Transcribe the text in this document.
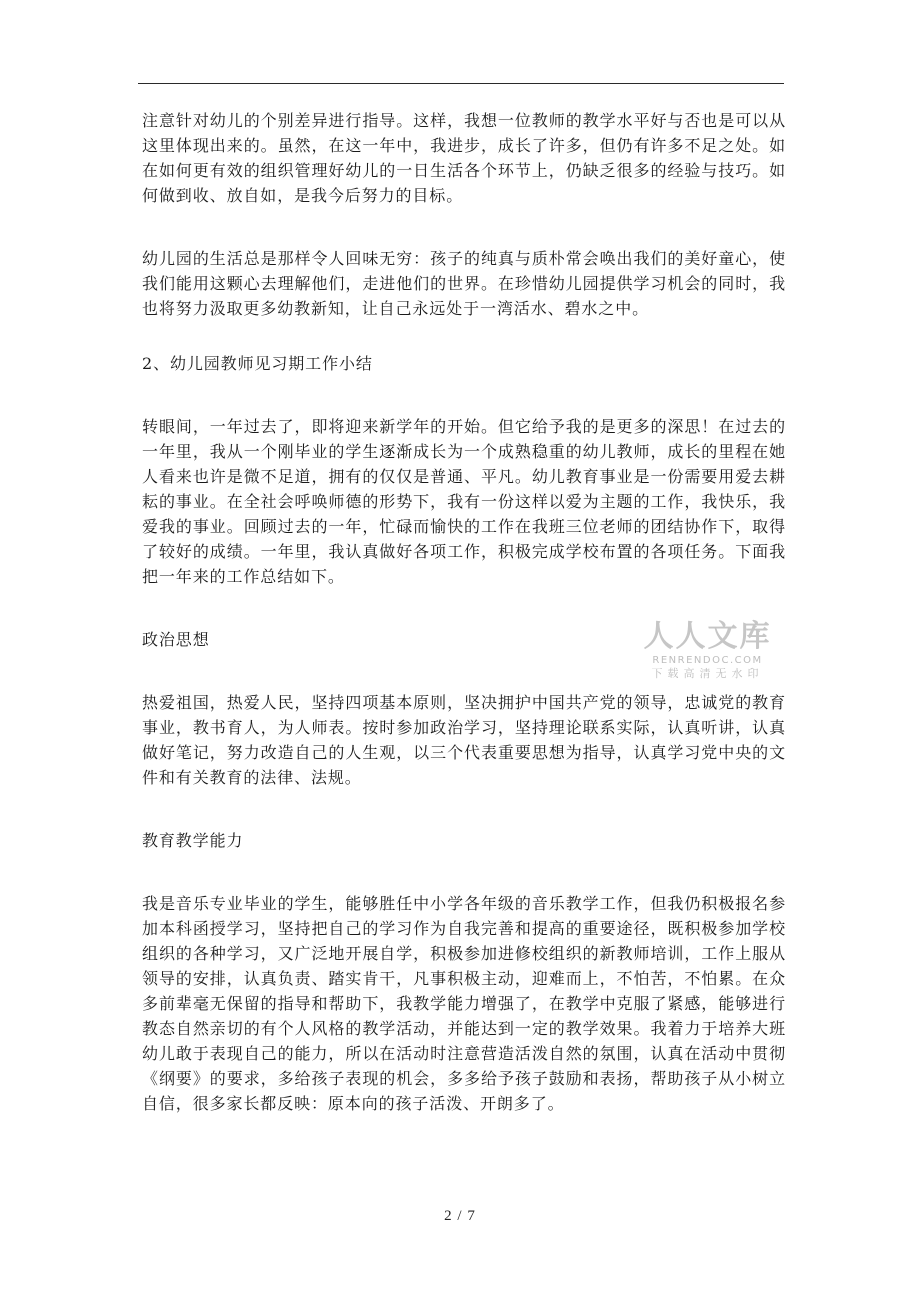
注意针对幼儿的个别差异进行指导。这样，我想一位教师的教学水平好与否也是可以从这里体现出来的。虽然，在这一年中，我进步，成长了许多，但仍有许多不足之处。如在如何更有效的组织管理好幼儿的一日生活各个环节上，仍缺乏很多的经验与技巧。如何做到收、放自如，是我今后努力的目标。

幼儿园的生活总是那样令人回味无穷：孩子的纯真与质朴常会唤出我们的美好童心，使我们能用这颗心去理解他们，走进他们的世界。在珍惜幼儿园提供学习机会的同时，我也将努力汲取更多幼教新知，让自己永远处于一湾活水、碧水之中。

2、幼儿园教师见习期工作小结

转眼间，一年过去了，即将迎来新学年的开始。但它给予我的是更多的深思！在过去的一年里，我从一个刚毕业的学生逐渐成长为一个成熟稳重的幼儿教师，成长的里程在她人看来也许是微不足道，拥有的仅仅是普通、平凡。幼儿教育事业是一份需要用爱去耕耘的事业。在全社会呼唤师德的形势下，我有一份这样以爱为主题的工作，我快乐，我爱我的事业。回顾过去的一年，忙碌而愉快的工作在我班三位老师的团结协作下，取得了较好的成绩。一年里，我认真做好各项工作，积极完成学校布置的各项任务。下面我把一年来的工作总结如下。

政治思想

热爱祖国，热爱人民，坚持四项基本原则，坚决拥护中国共产党的领导，忠诚党的教育事业，教书育人，为人师表。按时参加政治学习，坚持理论联系实际，认真听讲，认真做好笔记，努力改造自己的人生观，以三个代表重要思想为指导，认真学习党中央的文件和有关教育的法律、法规。

教育教学能力

我是音乐专业毕业的学生，能够胜任中小学各年级的音乐教学工作，但我仍积极报名参加本科函授学习，坚持把自己的学习作为自我完善和提高的重要途径，既积极参加学校组织的各种学习，又广泛地开展自学，积极参加进修校组织的新教师培训，工作上服从领导的安排，认真负责、踏实肯干，凡事积极主动，迎难而上，不怕苦，不怕累。在众多前辈毫无保留的指导和帮助下，我教学能力增强了，在教学中克服了紧感，能够进行教态自然亲切的有个人风格的教学活动，并能达到一定的教学效果。我着力于培养大班幼儿敢于表现自己的能力，所以在活动时注意营造活泼自然的氛围，认真在活动中贯彻《纲要》的要求，多给孩子表现的机会，多多给予孩子鼓励和表扬，帮助孩子从小树立自信，很多家长都反映：原本向的孩子活泼、开朗多了。

人人文库
RENRENDOC.COM
下载高清无水印
2 / 7
